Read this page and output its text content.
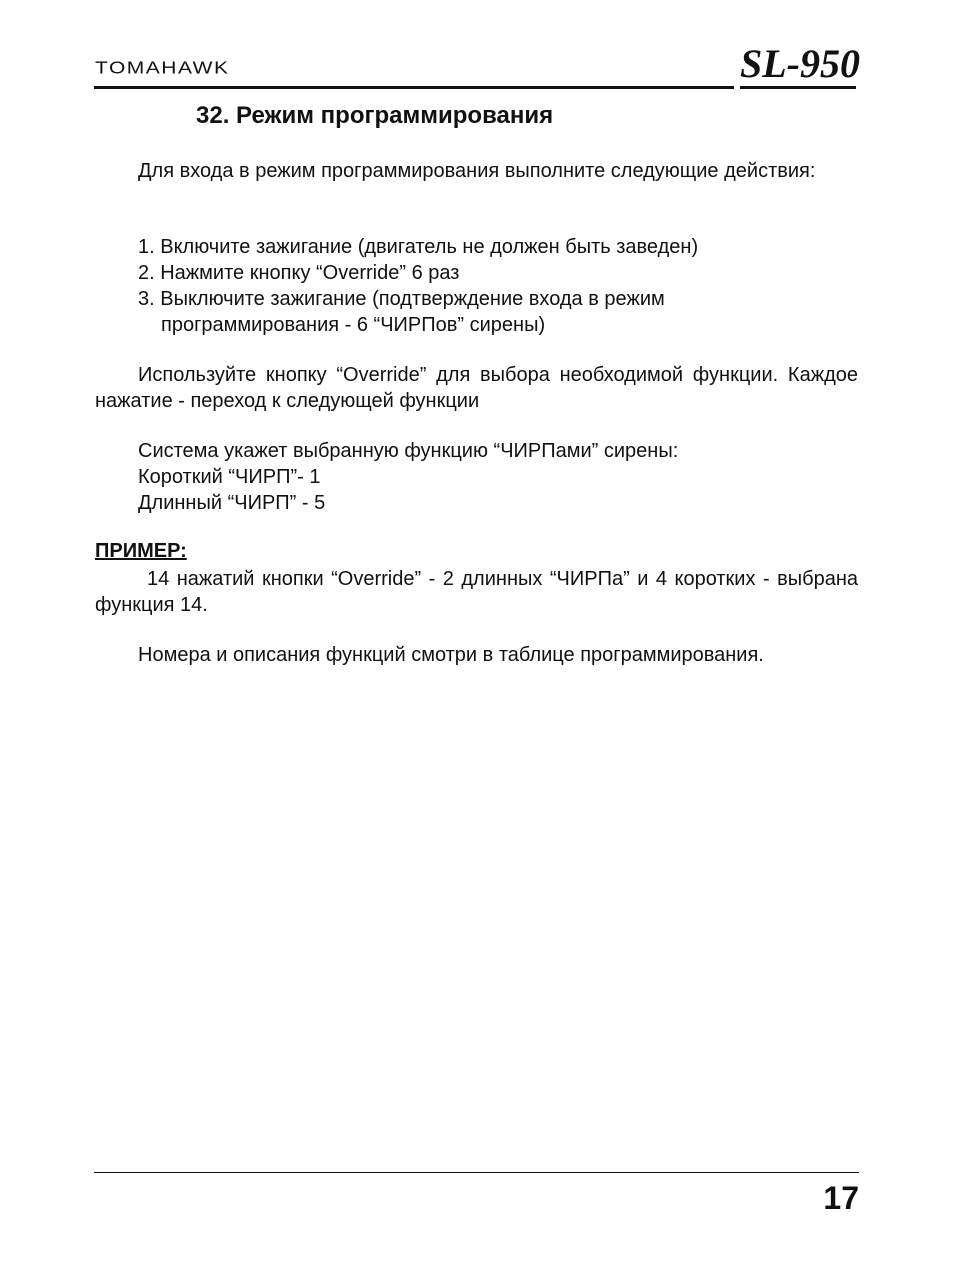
TOMAHAWK	SL-950
32. Режим программирования

Для входа в режим программирования выполните следующие действия:

1. Включите зажигание (двигатель не должен быть заведен)
2. Нажмите кнопку “Override” 6 раз
3. Выключите зажигание (подтверждение входа в режим
программирования - 6 “ЧИРПов” сирены)

Используйте кнопку “Override” для выбора необходимой функции. Каждое нажатие - переход к следующей функции

Система укажет выбранную функцию “ЧИРПами” сирены:
Короткий “ЧИРП”- 1
Длинный “ЧИРП” - 5
ПРИМЕР:

14 нажатий кнопки “Override” - 2 длинных “ЧИРПа” и 4 коротких - выбрана функция 14.

Номера и описания функций смотри в таблице программирования.

17
